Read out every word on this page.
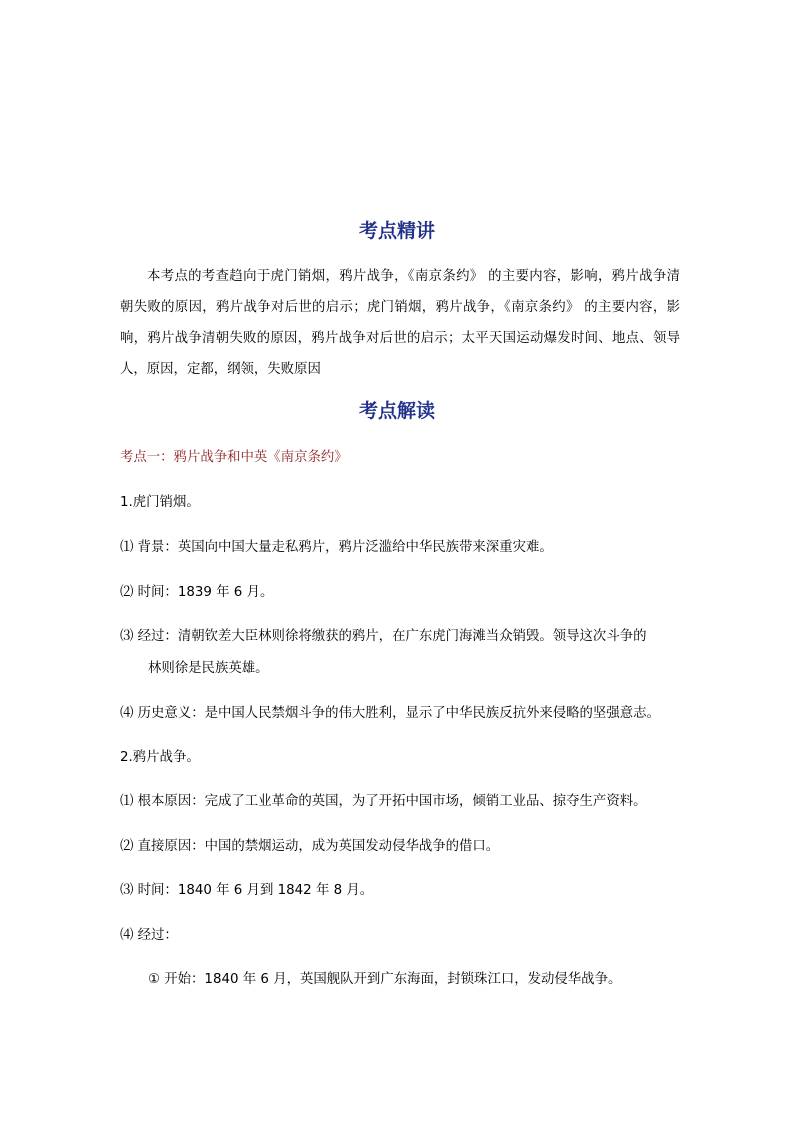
考点精讲
本考点的考查趋向于虎门销烟，鸦片战争，《南京条约》 的主要内容，影响，鸦片战争清朝失败的原因，鸦片战争对后世的启示；虎门销烟，鸦片战争，《南京条约》 的主要内容，影响，鸦片战争清朝失败的原因，鸦片战争对后世的启示；太平天国运动爆发时间、地点、领导人，原因，定都，纲领，失败原因
考点解读
考点一：鸦片战争和中英《南京条约》
1.虎门销烟。
⑴ 背景：英国向中国大量走私鸦片，鸦片泛滥给中华民族带来深重灾难。
⑵ 时间：1839 年 6 月。
⑶ 经过：清朝钦差大臣林则徐将缴获的鸦片，在广东虎门海滩当众销毁。领导这次斗争的
林则徐是民族英雄。
⑷ 历史意义：是中国人民禁烟斗争的伟大胜利，显示了中华民族反抗外来侵略的坚强意志。
2.鸦片战争。
⑴ 根本原因：完成了工业革命的英国，为了开拓中国市场，倾销工业品、掠夺生产资料。
⑵ 直接原因：中国的禁烟运动，成为英国发动侵华战争的借口。
⑶ 时间：1840 年 6 月到 1842 年 8 月。
⑷ 经过：
① 开始：1840 年 6 月，英国舰队开到广东海面，封锁珠江口，发动侵华战争。
